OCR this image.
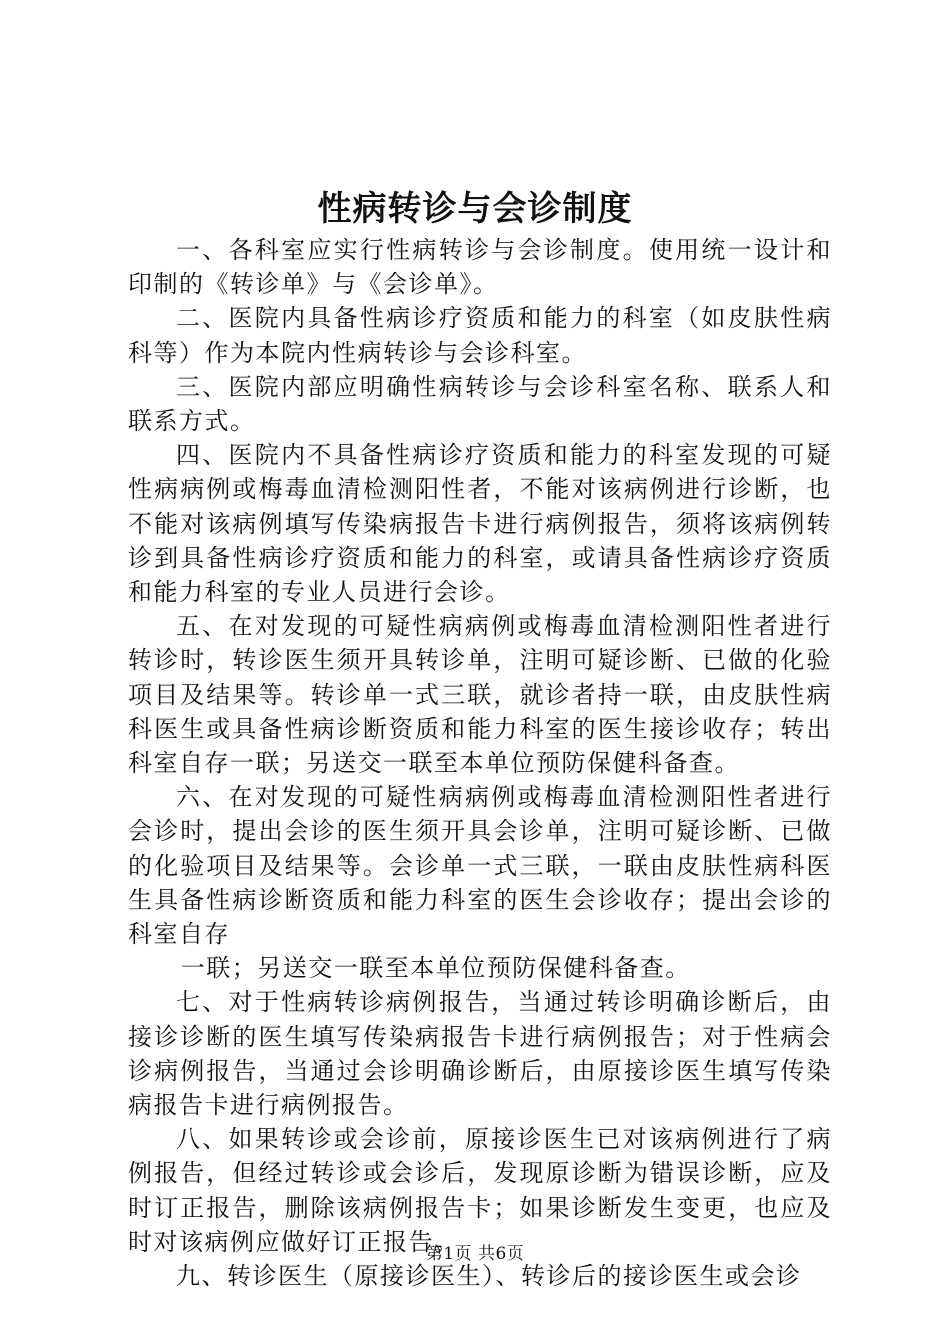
性病转诊与会诊制度

一、各科室应实行性病转诊与会诊制度。使用统一设计和印制的《转诊单》与《会诊单》。

二、医院内具备性病诊疗资质和能力的科室（如皮肤性病科等）作为本院内性病转诊与会诊科室。

三、医院内部应明确性病转诊与会诊科室名称、联系人和联系方式。

四、医院内不具备性病诊疗资质和能力的科室发现的可疑性病病例或梅毒血清检测阳性者，不能对该病例进行诊断，也不能对该病例填写传染病报告卡进行病例报告，须将该病例转诊到具备性病诊疗资质和能力的科室，或请具备性病诊疗资质和能力科室的专业人员进行会诊。

五、在对发现的可疑性病病例或梅毒血清检测阳性者进行转诊时，转诊医生须开具转诊单，注明可疑诊断、已做的化验项目及结果等。转诊单一式三联，就诊者持一联，由皮肤性病科医生或具备性病诊断资质和能力科室的医生接诊收存；转出科室自存一联；另送交一联至本单位预防保健科备查。

六、在对发现的可疑性病病例或梅毒血清检测阳性者进行会诊时，提出会诊的医生须开具会诊单，注明可疑诊断、已做的化验项目及结果等。会诊单一式三联，一联由皮肤性病科医生具备性病诊断资质和能力科室的医生会诊收存；提出会诊的科室自存

一联；另送交一联至本单位预防保健科备查。

七、对于性病转诊病例报告，当通过转诊明确诊断后，由接诊诊断的医生填写传染病报告卡进行病例报告；对于性病会诊病例报告，当通过会诊明确诊断后，由原接诊医生填写传染病报告卡进行病例报告。

八、如果转诊或会诊前，原接诊医生已对该病例进行了病例报告，但经过转诊或会诊后，发现原诊断为错误诊断，应及时订正报告，删除该病例报告卡；如果诊断发生变更，也应及时对该病例应做好订正报告。

九、转诊医生（原接诊医生）、转诊后的接诊医生或会诊

第1页 共6页
